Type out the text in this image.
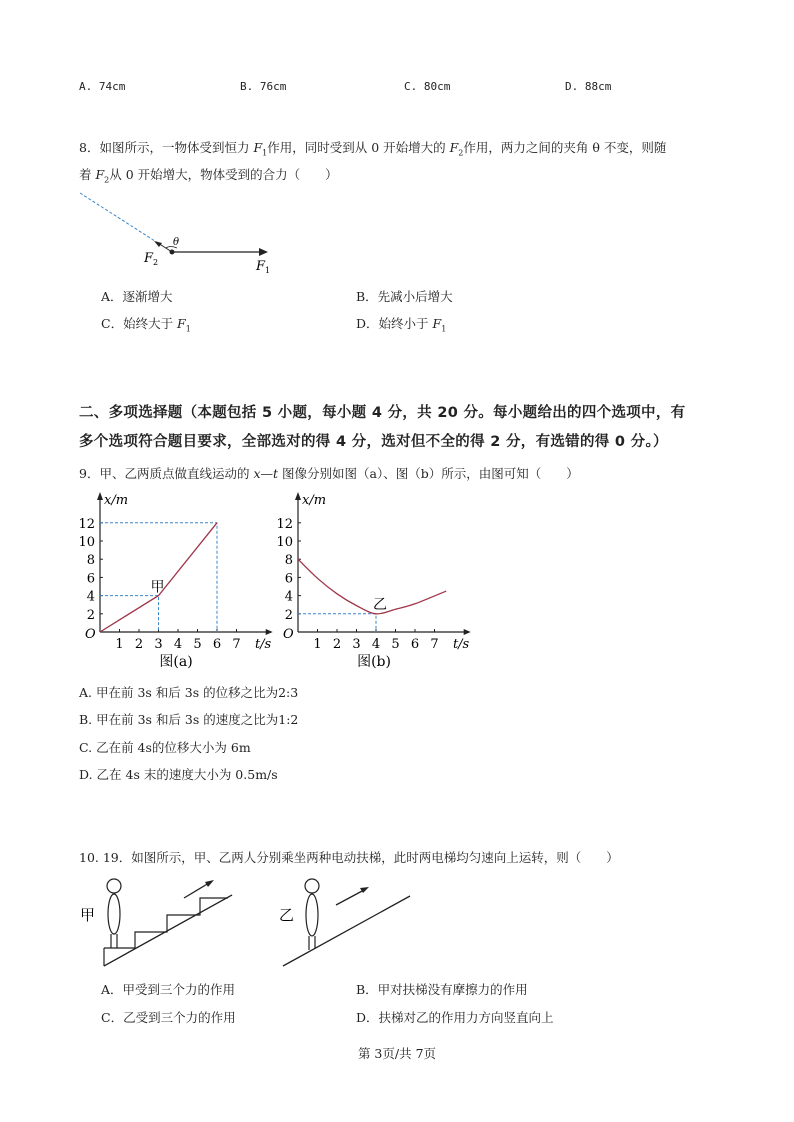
A. 74cm	B. 76cm	C. 80cm	D. 88cm
8．如图所示，一物体受到恒力 $F_1$作用，同时受到从 0 开始增大的 $F_2$作用，两力之间的夹角 θ 不变，则随
着 $F_2$从 0 开始增大，物体受到的合力（　　）
θ
F 2	F 1
A．逐渐增大	B．先减小后增大
C．始终大于 $F_1$	D．始终小于 $F_1$
二、多项选择题（本题包括 5 小题，每小题 4 分，共 20 分。每小题给出的四个选项中，有
多个选项符合题目要求，全部选对的得 4 分，选对但不全的得 2 分，有选错的得 0 分。）
9．甲、乙两质点做直线运动的 x—t 图像分别如图（a）、图（b）所示，由图可知（　　）
x/m
t/s
O
1 2 3 4 5 6 7
2
4
6
8
10
12
甲
图(a)
x/m
t/s
O
1 2 3 4 5 6 7
2
4
6
8
10
12
乙
图(b)
A. 甲在前 3s 和后 3s 的位移之比为2:3
B. 甲在前 3s 和后 3s 的速度之比为1:2
C. 乙在前 4s的位移大小为 6m
D. 乙在 4s 末的速度大小为 0.5m/s
10. 19．如图所示，甲、乙两人分别乘坐两种电动扶梯，此时两电梯均匀速向上运转，则（　　）
甲	乙
A．甲受到三个力的作用	B．甲对扶梯没有摩擦力的作用
C．乙受到三个力的作用	D．扶梯对乙的作用力方向竖直向上
第 3页/共 7页
